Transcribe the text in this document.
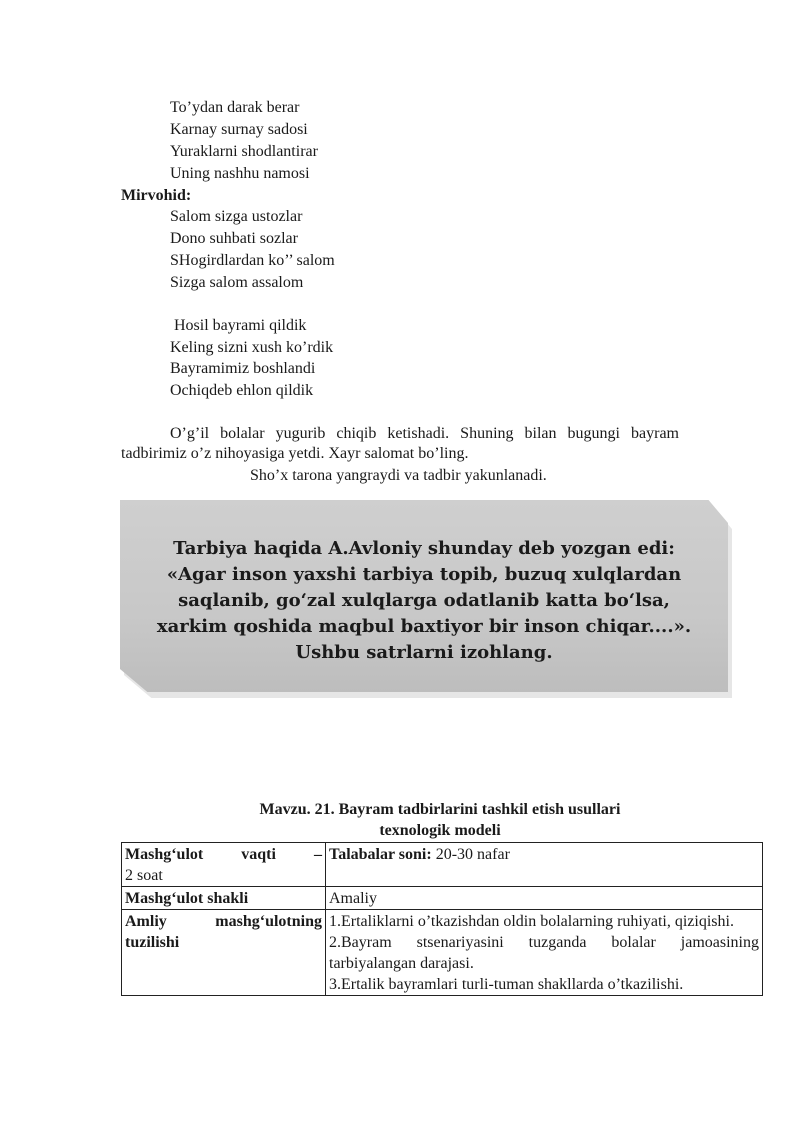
To’ydan darak berar
Karnay surnay sadosi
Yuraklarni shodlantirar
Uning nashhu namosi
Mirvohid:
Salom sizga ustozlar
Dono suhbati sozlar
SHogirdlardan ko’’ salom
Sizga salom assalom
Hosil bayrami qildik
Keling sizni xush ko’rdik
Bayramimiz boshlandi
Ochiqdeb ehlon qildik
O’g’il bolalar yugurib chiqib ketishadi. Shuning bilan bugungi bayram tadbirimiz o’z nihoyasiga yetdi. Xayr salomat bo’ling.
Sho’x tarona yangraydi va tadbir yakunlanadi.
Tarbiya haqida A.Avloniy shunday deb yozgan edi: «Agar inson yaxshi tarbiya topib, buzuq xulqlardan saqlanib, go‘zal xulqlarga odatlanib katta bo‘lsa, xarkim qoshida maqbul baxtiyor bir inson chiqar....». Ushbu satrlarni izohlang.
Mavzu. 21. Bayram tadbirlarini tashkil etish usullari
texnologik modeli
Mashg‘ulot     vaqti     –
2 soat	Talabalar soni: 20-30 nafar
Mashg‘ulot shakli	Amaliy

Amliy mashg‘ulotning tuzilishi	1.Ertaliklarni o’tkazishdan oldin bolalarning ruhiyati, qiziqishi.

2.Bayram stsenariyasini tuzganda bolalar jamoasining tarbiyalangan darajasi.

3.Ertalik bayramlari turli-tuman shakllarda o’tkazilishi.
